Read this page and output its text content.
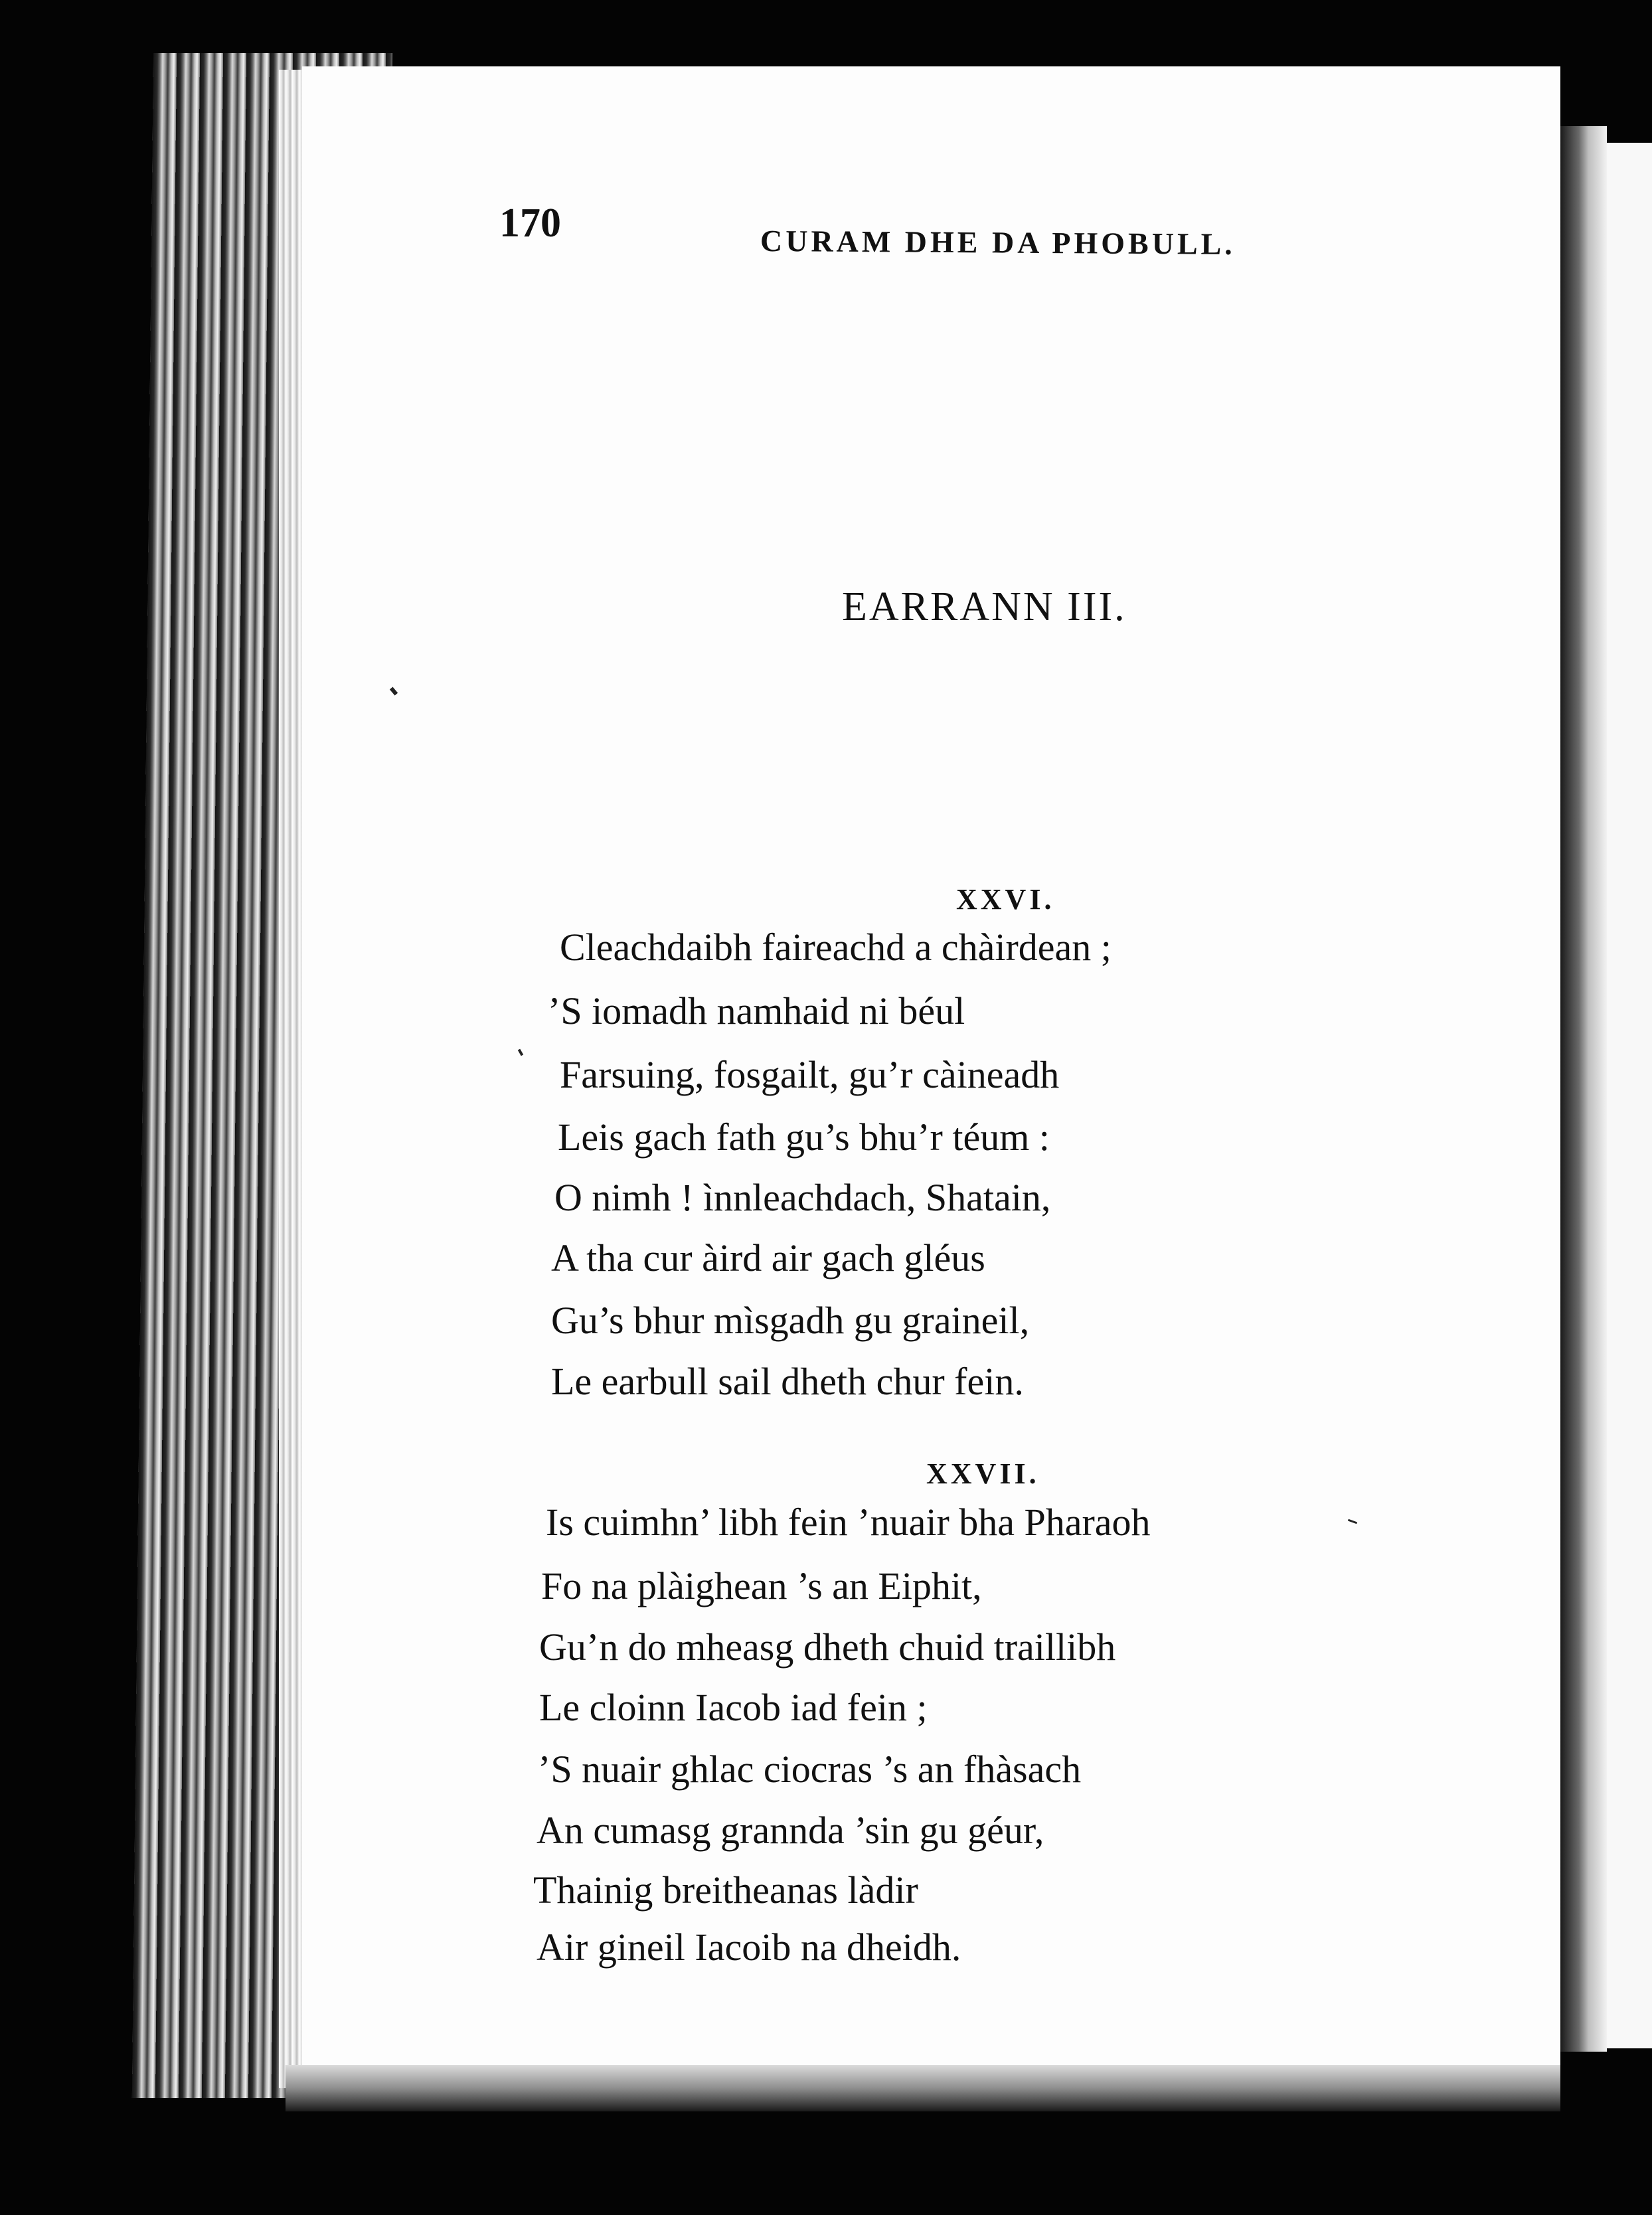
170	CURAM DHE DA PHOBULL.
EARRANN III.
XXVI.
Cleachdaibh faireachd a chàirdean ;
’S iomadh namhaid ni béul
Farsuing, fosgailt, gu’r càineadh
Leis gach fath gu’s bhu’r téum :
O nimh ! ìnnleachdach, Shatain,
A tha cur àird air gach gléus
Gu’s bhur mìsgadh gu graineil,
Le earbull sail dheth chur fein.
XXVII.
Is cuimhn’ libh fein ’nuair bha Pharaoh
Fo na plàighean ’s an Eiphit,
Gu’n do mheasg dheth chuid traillibh
Le cloinn Iacob iad fein ;
’S nuair ghlac ciocras ’s an fhàsach
An cumasg grannda ’sin gu géur,
Thainig breitheanas làdir
Air gineil Iacoib na dheidh.
